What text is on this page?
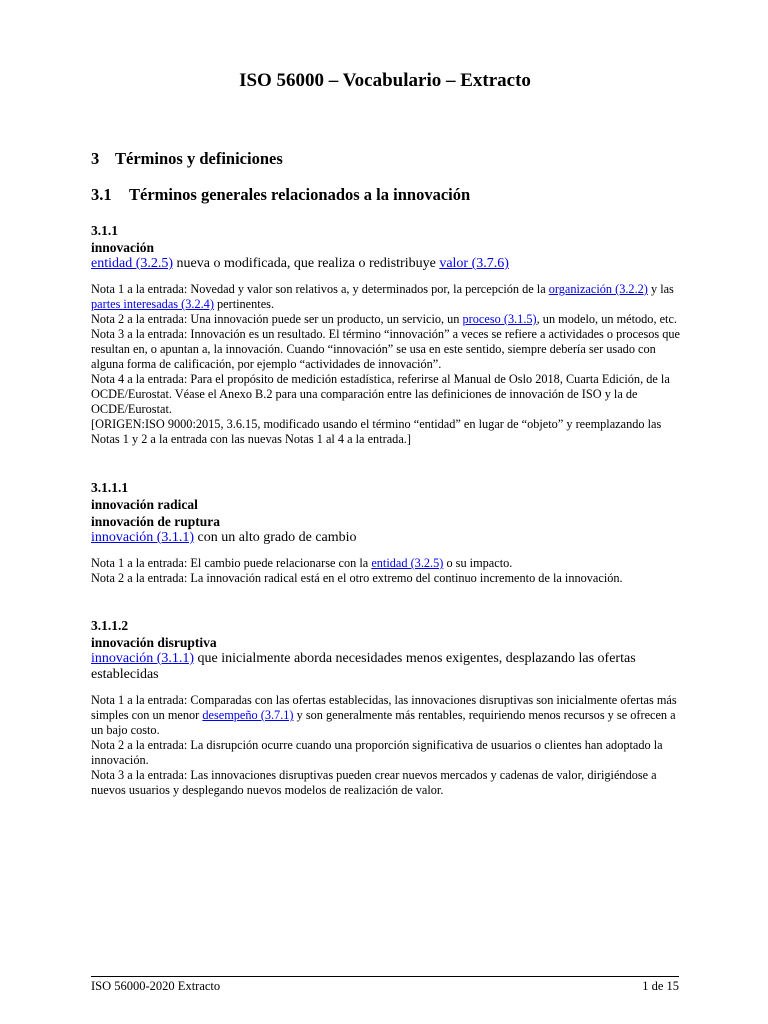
ISO 56000 – Vocabulario – Extracto
3 Términos y definiciones
3.1 Términos generales relacionados a la innovación
3.1.1
innovación
entidad (3.2.5) nueva o modificada, que realiza o redistribuye valor (3.7.6)
Nota 1 a la entrada: Novedad y valor son relativos a, y determinados por, la percepción de la organización (3.2.2) y las partes interesadas (3.2.4) pertinentes.
Nota 2 a la entrada: Una innovación puede ser un producto, un servicio, un proceso (3.1.5), un modelo, un método, etc.
Nota 3 a la entrada: Innovación es un resultado. El término “innovación” a veces se refiere a actividades o procesos que resultan en, o apuntan a, la innovación. Cuando “innovación” se usa en este sentido, siempre debería ser usado con alguna forma de calificación, por ejemplo “actividades de innovación”.
Nota 4 a la entrada: Para el propósito de medición estadística, referirse al Manual de Oslo 2018, Cuarta Edición, de la OCDE/Eurostat. Véase el Anexo B.2 para una comparación entre las definiciones de innovación de ISO y la de OCDE/Eurostat.
[ORIGEN:ISO 9000:2015, 3.6.15, modificado usando el término “entidad” en lugar de “objeto” y reemplazando las Notas 1 y 2 a la entrada con las nuevas Notas 1 al 4 a la entrada.]
3.1.1.1
innovación radical
innovación de ruptura
innovación (3.1.1) con un alto grado de cambio
Nota 1 a la entrada: El cambio puede relacionarse con la entidad (3.2.5) o su impacto.
Nota 2 a la entrada: La innovación radical está en el otro extremo del continuo incremento de la innovación.
3.1.1.2
innovación disruptiva
innovación (3.1.1) que inicialmente aborda necesidades menos exigentes, desplazando las ofertas establecidas
Nota 1 a la entrada: Comparadas con las ofertas establecidas, las innovaciones disruptivas son inicialmente ofertas más simples con un menor desempeño (3.7.1) y son generalmente más rentables, requiriendo menos recursos y se ofrecen a un bajo costo.
Nota 2 a la entrada: La disrupción ocurre cuando una proporción significativa de usuarios o clientes han adoptado la innovación.
Nota 3 a la entrada: Las innovaciones disruptivas pueden crear nuevos mercados y cadenas de valor, dirigiéndose a nuevos usuarios y desplegando nuevos modelos de realización de valor.
ISO 56000-2020 Extracto	1 de 15
